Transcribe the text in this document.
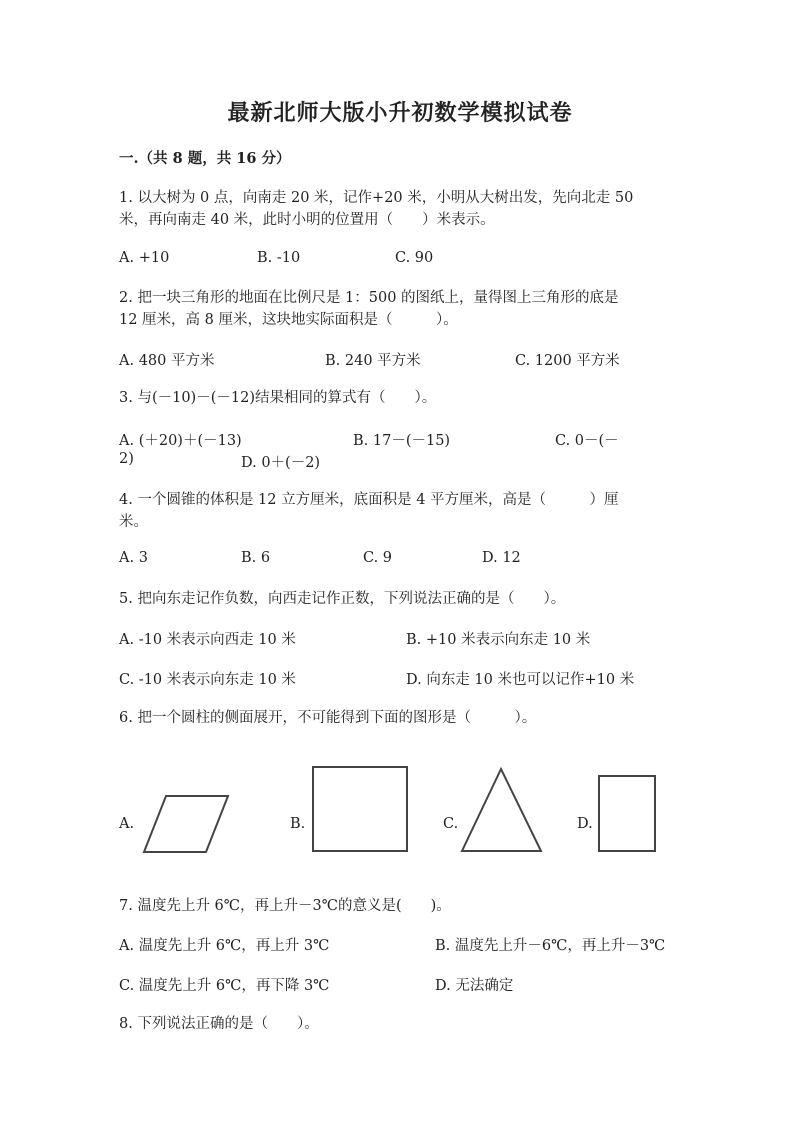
最新北师大版小升初数学模拟试卷
一.（共 8 题，共 16 分）
1. 以大树为 0 点，向南走 20 米，记作+20 米，小明从大树出发，先向北走 50
米，再向南走 40 米，此时小明的位置用（　　）米表示。
A. +10	B. -10	C. 90
2. 把一块三角形的地面在比例尺是 1：500 的图纸上，量得图上三角形的底是
12 厘米，高 8 厘米，这块地实际面积是（　　　）。
A. 480 平方米	B. 240 平方米	C. 1200 平方米
3. 与(－10)－(－12)结果相同的算式有（　　）。
A. (＋20)＋(－13)	B. 17－(－15)	C. 0－(－
2)	D. 0＋(－2)
4. 一个圆锥的体积是 12 立方厘米，底面积是 4 平方厘米，高是（　　　）厘
米。
A. 3	B. 6	C. 9	D. 12
5. 把向东走记作负数，向西走记作正数，下列说法正确的是（　　）。
A. -10 米表示向西走 10 米	B. +10 米表示向东走 10 米
C. -10 米表示向东走 10 米	D. 向东走 10 米也可以记作+10 米
6. 把一个圆柱的侧面展开，不可能得到下面的图形是（　　　）。
A.	B.	C.	D.
7. 温度先上升 6℃，再上升－3℃的意义是(　　)。
A. 温度先上升 6℃，再上升 3℃	B. 温度先上升－6℃，再上升－3℃
C. 温度先上升 6℃，再下降 3℃	D. 无法确定
8. 下列说法正确的是（　　）。
